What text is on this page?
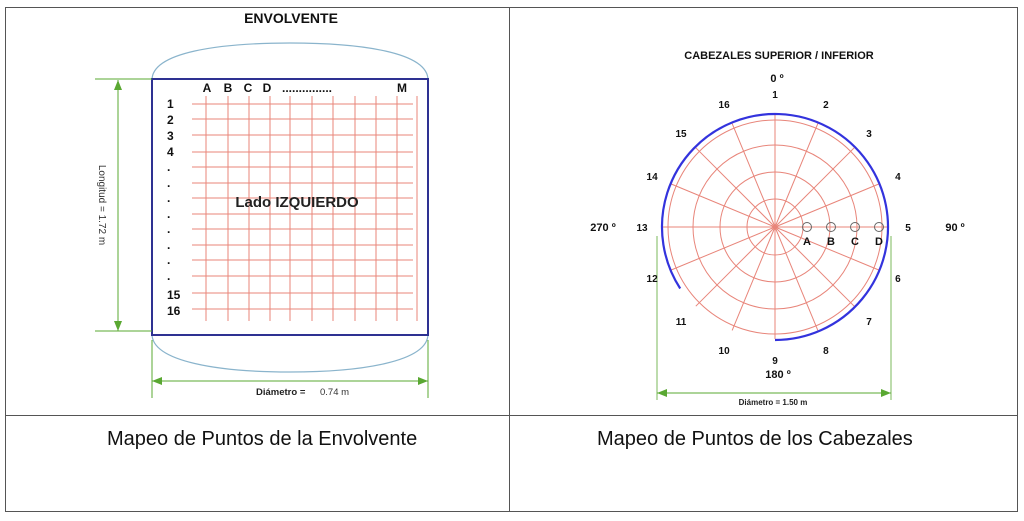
Mapeo de Puntos de la Envolvente	Mapeo de Puntos de los Cabezales
A B C D ...............	M
1
2
3
4
.
.
.
.
.
.
.
.
15
16
ENVOLVENTE
Lado IZQUIERDO
Longitud = 1.72 m
Diámetro = 0.74 m
A B C D
1
2
3
4
5
6
7
8
9
10
11
12
13
14
15
16
CABEZALES SUPERIOR / INFERIOR
0 º
90 º
180 º
270 º
Diámetro = 1.50 m
